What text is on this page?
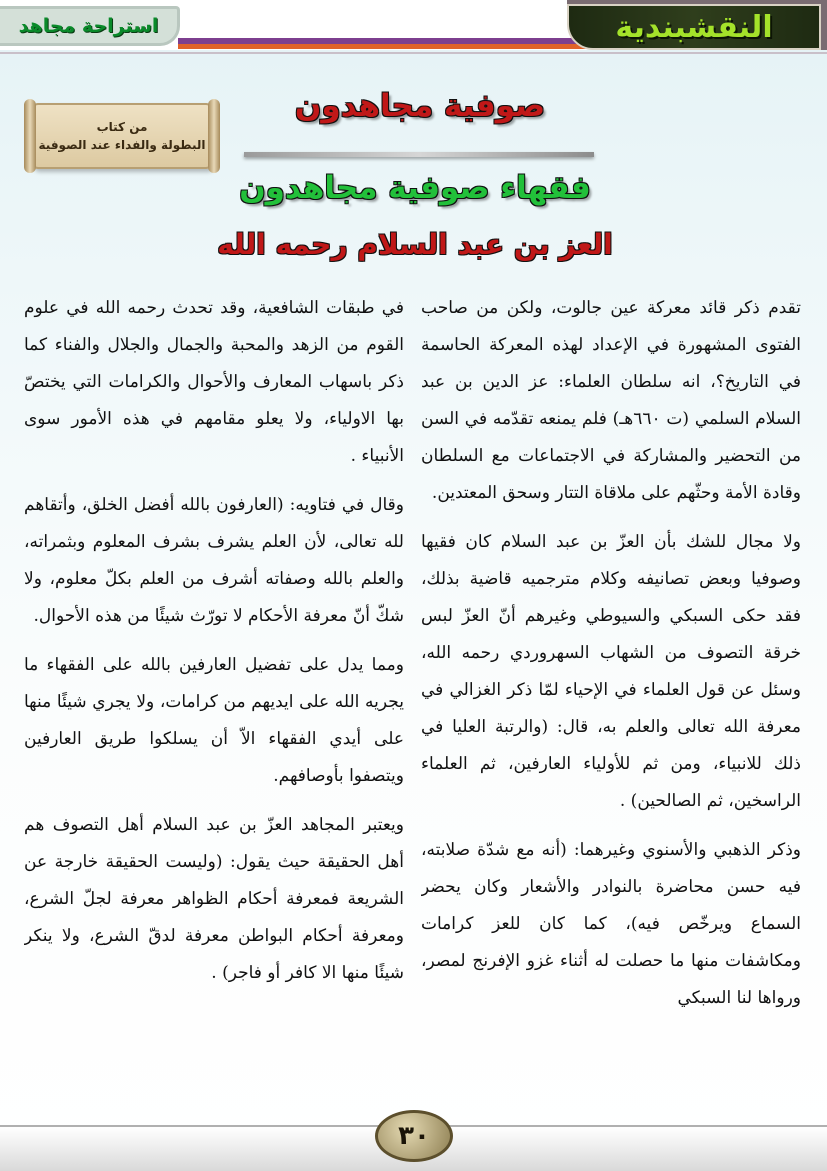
النقشبندية
استراحة مجاهد
من كتاب
البطولة والفداء عند الصوفية
صوفية مجاهدون
فقهاء صوفية مجاهدون
العز بن عبد السلام رحمه الله

تقدم ذكر قائد معركة عين جالوت، ولكن من صاحب الفتوى المشهورة في الإعداد لهذه المعركة الحاسمة في التاريخ؟، انه سلطان العلماء: عز الدين بن عبد السلام السلمي (ت ٦٦٠هـ) فلم يمنعه تقدّمه في السن من التحضير والمشاركة في الاجتماعات مع السلطان وقادة الأمة وحثّهم على ملاقاة التتار وسحق المعتدين.

ولا مجال للشك بأن العزّ بن عبد السلام كان فقيها وصوفيا وبعض تصانيفه وكلام مترجميه قاضية بذلك، فقد حكى السبكي والسيوطي وغيرهم أنّ العزّ لبس خرقة التصوف من الشهاب السهروردي رحمه الله، وسئل عن قول العلماء في الإحياء لمّا ذكر الغزالي في معرفة الله تعالى والعلم به، قال: (والرتبة العليا في ذلك للانبياء، ومن ثم للأولياء العارفين، ثم العلماء الراسخين، ثم الصالحين) .

وذكر الذهبي والأسنوي وغيرهما: (أنه مع شدّة صلابته، فيه حسن محاضرة بالنوادر والأشعار وكان يحضر السماع ويرخّص فيه)، كما كان للعز كرامات ومكاشفات منها ما حصلت له أثناء غزو الإفرنج لمصر، ورواها لنا السبكي

في طبقات الشافعية، وقد تحدث رحمه الله في علوم القوم من الزهد والمحبة والجمال والجلال والفناء كما ذكر باسهاب المعارف والأحوال والكرامات التي يختصّ بها الاولياء، ولا يعلو مقامهم في هذه الأمور سوى الأنبياء .

وقال في فتاويه: (العارفون بالله أفضل الخلق، وأتقاهم لله تعالى، لأن العلم يشرف بشرف المعلوم وبثمراته، والعلم بالله وصفاته أشرف من العلم بكلّ معلوم، ولا شكّ أنّ معرفة الأحكام لا تورّث شيئًا من هذه الأحوال.

ومما يدل على تفضيل العارفين بالله على الفقهاء ما يجريه الله على ايديهم من كرامات، ولا يجري شيئًا منها على أيدي الفقهاء الاّ أن يسلكوا طريق العارفين ويتصفوا بأوصافهم.

ويعتبر المجاهد العزّ بن عبد السلام أهل التصوف هم أهل الحقيقة حيث يقول: (وليست الحقيقة خارجة عن الشريعة فمعرفة أحكام الظواهر معرفة لجلّ الشرع، ومعرفة أحكام البواطن معرفة لدقّ الشرع، ولا ينكر شيئًا منها الا كافر أو فاجر) .

٣٠
